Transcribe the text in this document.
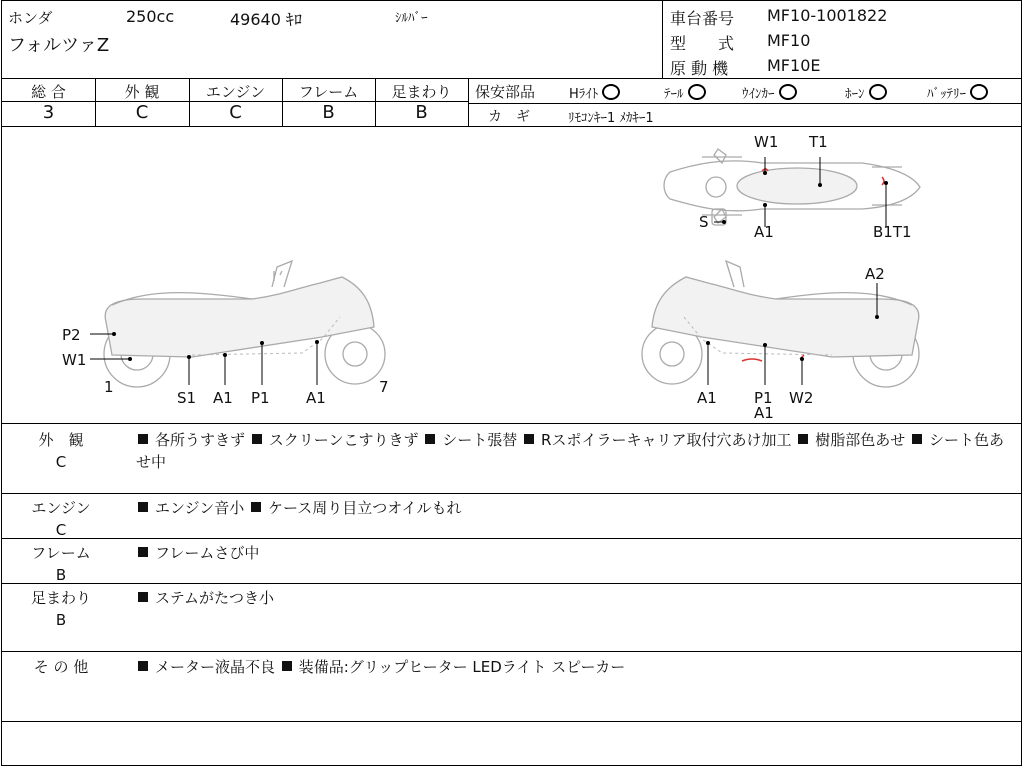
ホンダ	250cc	49640 ｷﾛ	ｼﾙﾊﾞｰ
フォルツァZ
車台番号 MF10-1001822
型　　式 MF10
原 動 機 MF10E
総 合
3
外 観
C
エンジン
C
フレーム
B
足まわり
B
保安部品	Hﾗｲﾄ	ﾃｰﾙ	ｳｲﾝｶｰ	ﾎｰﾝ	ﾊﾞｯﾃﾘｰ
カ　ギ	ﾘﾓｺﾝｷｰ1 ﾒｶｷｰ1
W1 T1
S
A1	B1T1
P2
W1
1
S1 A1 P1 A1
7
A2
A1 P1
A1
W2
外　観
C
各所うすきず スクリーンこすりきず シート張替 Rスポイラーキャリア取付穴あけ加工 樹脂部色あせ シート色あせ中
エンジン
C
エンジン音小 ケース周り目立つオイルもれ
フレーム
B
フレームさび中
足まわり
B
ステムがたつき小
そ の 他	メーター液晶不良 装備品:グリップヒーター LEDライト スピーカー
